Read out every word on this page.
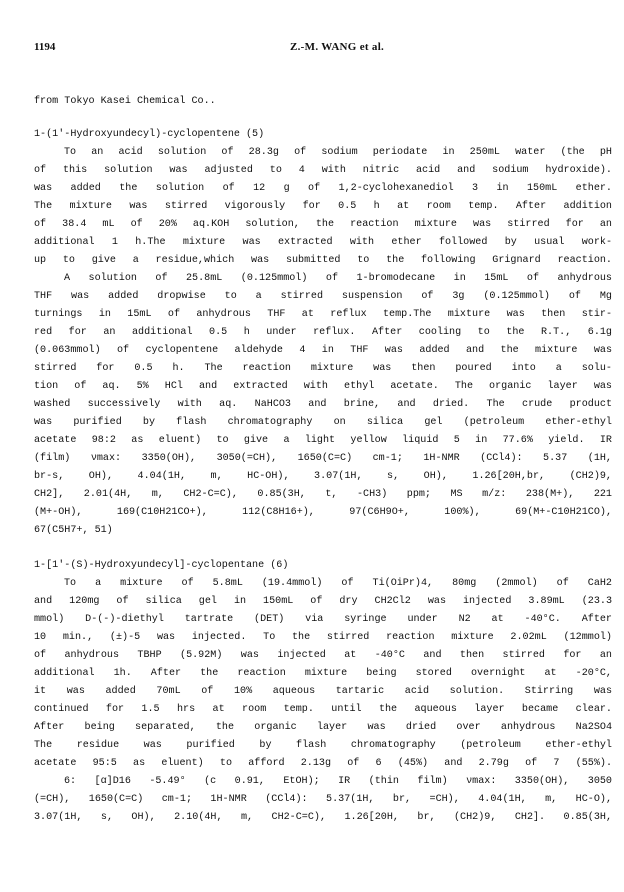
1194	Z.-M. WANG et al.
from Tokyo Kasei Chemical Co..
1-(1'-Hydroxyundecyl)-cyclopentene (5)
To an acid solution of 28.3g of sodium periodate in 250mL water (the pH
of this solution was adjusted to 4 with nitric acid and sodium hydroxide).
was added the solution of 12 g of 1,2-cyclohexanediol 3 in 150mL ether.
The mixture was stirred vigorously for 0.5 h at room temp. After addition
of 38.4 mL of 20% aq.KOH solution, the reaction mixture was stirred for an
additional 1 h.The mixture was extracted with ether followed by usual work-
up to give a residue,which was submitted to the following Grignard reaction.
A solution of 25.8mL (0.125mmol) of 1-bromodecane in 15mL of anhydrous
THF was added dropwise to a stirred suspension of 3g (0.125mmol) of Mg
turnings in 15mL of anhydrous THF at reflux temp.The mixture was then stir-
red for an additional 0.5 h under reflux. After cooling to the R.T., 6.1g
(0.063mmol) of cyclopentene aldehyde 4 in THF was added and the mixture was
stirred for 0.5 h. The reaction mixture was then poured into a solu-
tion of aq. 5% HCl and extracted with ethyl acetate. The organic layer was
washed successively with aq. NaHCO3 and brine, and dried. The crude product
was purified by flash chromatography on silica gel (petroleum ether-ethyl
acetate 98:2 as eluent) to give a light yellow liquid 5 in 77.6% yield. IR
(film) νmax: 3350(OH), 3050(=CH), 1650(C=C) cm-1; 1H-NMR (CCl4): 5.37 (1H,
br-s, OH), 4.04(1H, m, HC-OH), 3.07(1H, s, OH), 1.26[20H,br, (CH2)9,
CH2], 2.01(4H, m, CH2-C=C), 0.85(3H, t, -CH3) ppm; MS m/z: 238(M+), 221
(M+-OH), 169(C10H21CO+), 112(C8H16+), 97(C6H9O+, 100%), 69(M+-C10H21CO),
67(C5H7+, 51)
1-[1'-(S)-Hydroxyundecyl]-cyclopentane (6)
To a mixture of 5.8mL (19.4mmol) of Ti(OiPr)4, 80mg (2mmol) of CaH2
and 120mg of silica gel in 150mL of dry CH2Cl2 was injected 3.89mL (23.3
mmol) D-(-)-diethyl tartrate (DET) via syringe under N2 at -40°C. After
10 min., (±)-5 was injected. To the stirred reaction mixture 2.02mL (12mmol)
of anhydrous TBHP (5.92M) was injected at -40°C and then stirred for an
additional 1h. After the reaction mixture being stored overnight at -20°C,
it was added 70mL of 10% aqueous tartaric acid solution. Stirring was
continued for 1.5 hrs at room temp. until the aqueous layer became clear.
After being separated, the organic layer was dried over anhydrous Na2SO4
The residue was purified by flash chromatography (petroleum ether-ethyl
acetate 95:5 as eluent) to afford 2.13g of 6 (45%) and 2.79g of 7 (55%).
6: [α]D16 -5.49° (c 0.91, EtOH); IR (thin film) νmax: 3350(OH), 3050
(=CH), 1650(C=C) cm-1; 1H-NMR (CCl4): 5.37(1H, br, =CH), 4.04(1H, m, HC-O),
3.07(1H, s, OH), 2.10(4H, m, CH2-C=C), 1.26[20H, br, (CH2)9, CH2]. 0.85(3H,
